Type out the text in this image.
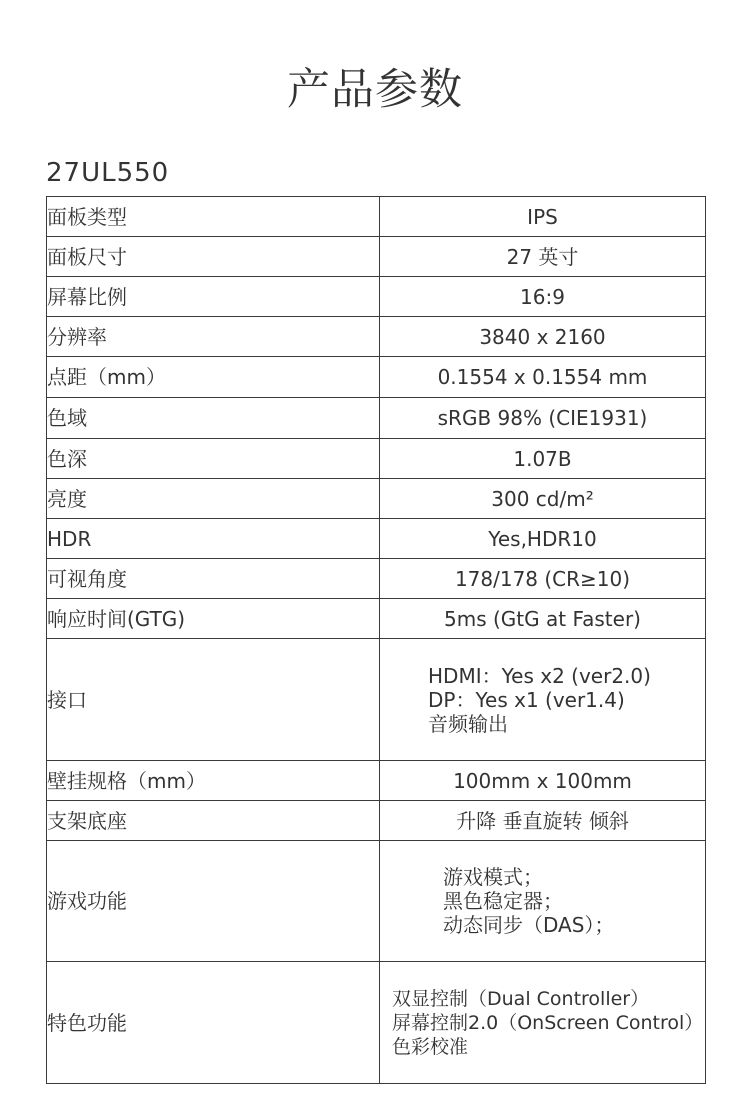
产品参数
27UL550
面板类型	IPS
面板尺寸	27 英寸
屏幕比例	16:9
分辨率	3840 x 2160
点距（mm）	0.1554 x 0.1554 mm
色域	sRGB 98% (CIE1931)
色深	1.07B
亮度	300 cd/m²
HDR	Yes,HDR10
可视角度	178/178 (CR≥10)
响应时间(GTG)	5ms (GtG at Faster)
接口	HDMI：Yes x2 (ver2.0)
DP：Yes x1 (ver1.4)
音频输出

壁挂规格（mm）	100mm x 100mm
支架底座	升降 垂直旋转 倾斜
游戏功能	游戏模式；
黑色稳定器；
动态同步（DAS）；

特色功能	双显控制（Dual Controller）
屏幕控制2.0（OnScreen Control）
色彩校准
